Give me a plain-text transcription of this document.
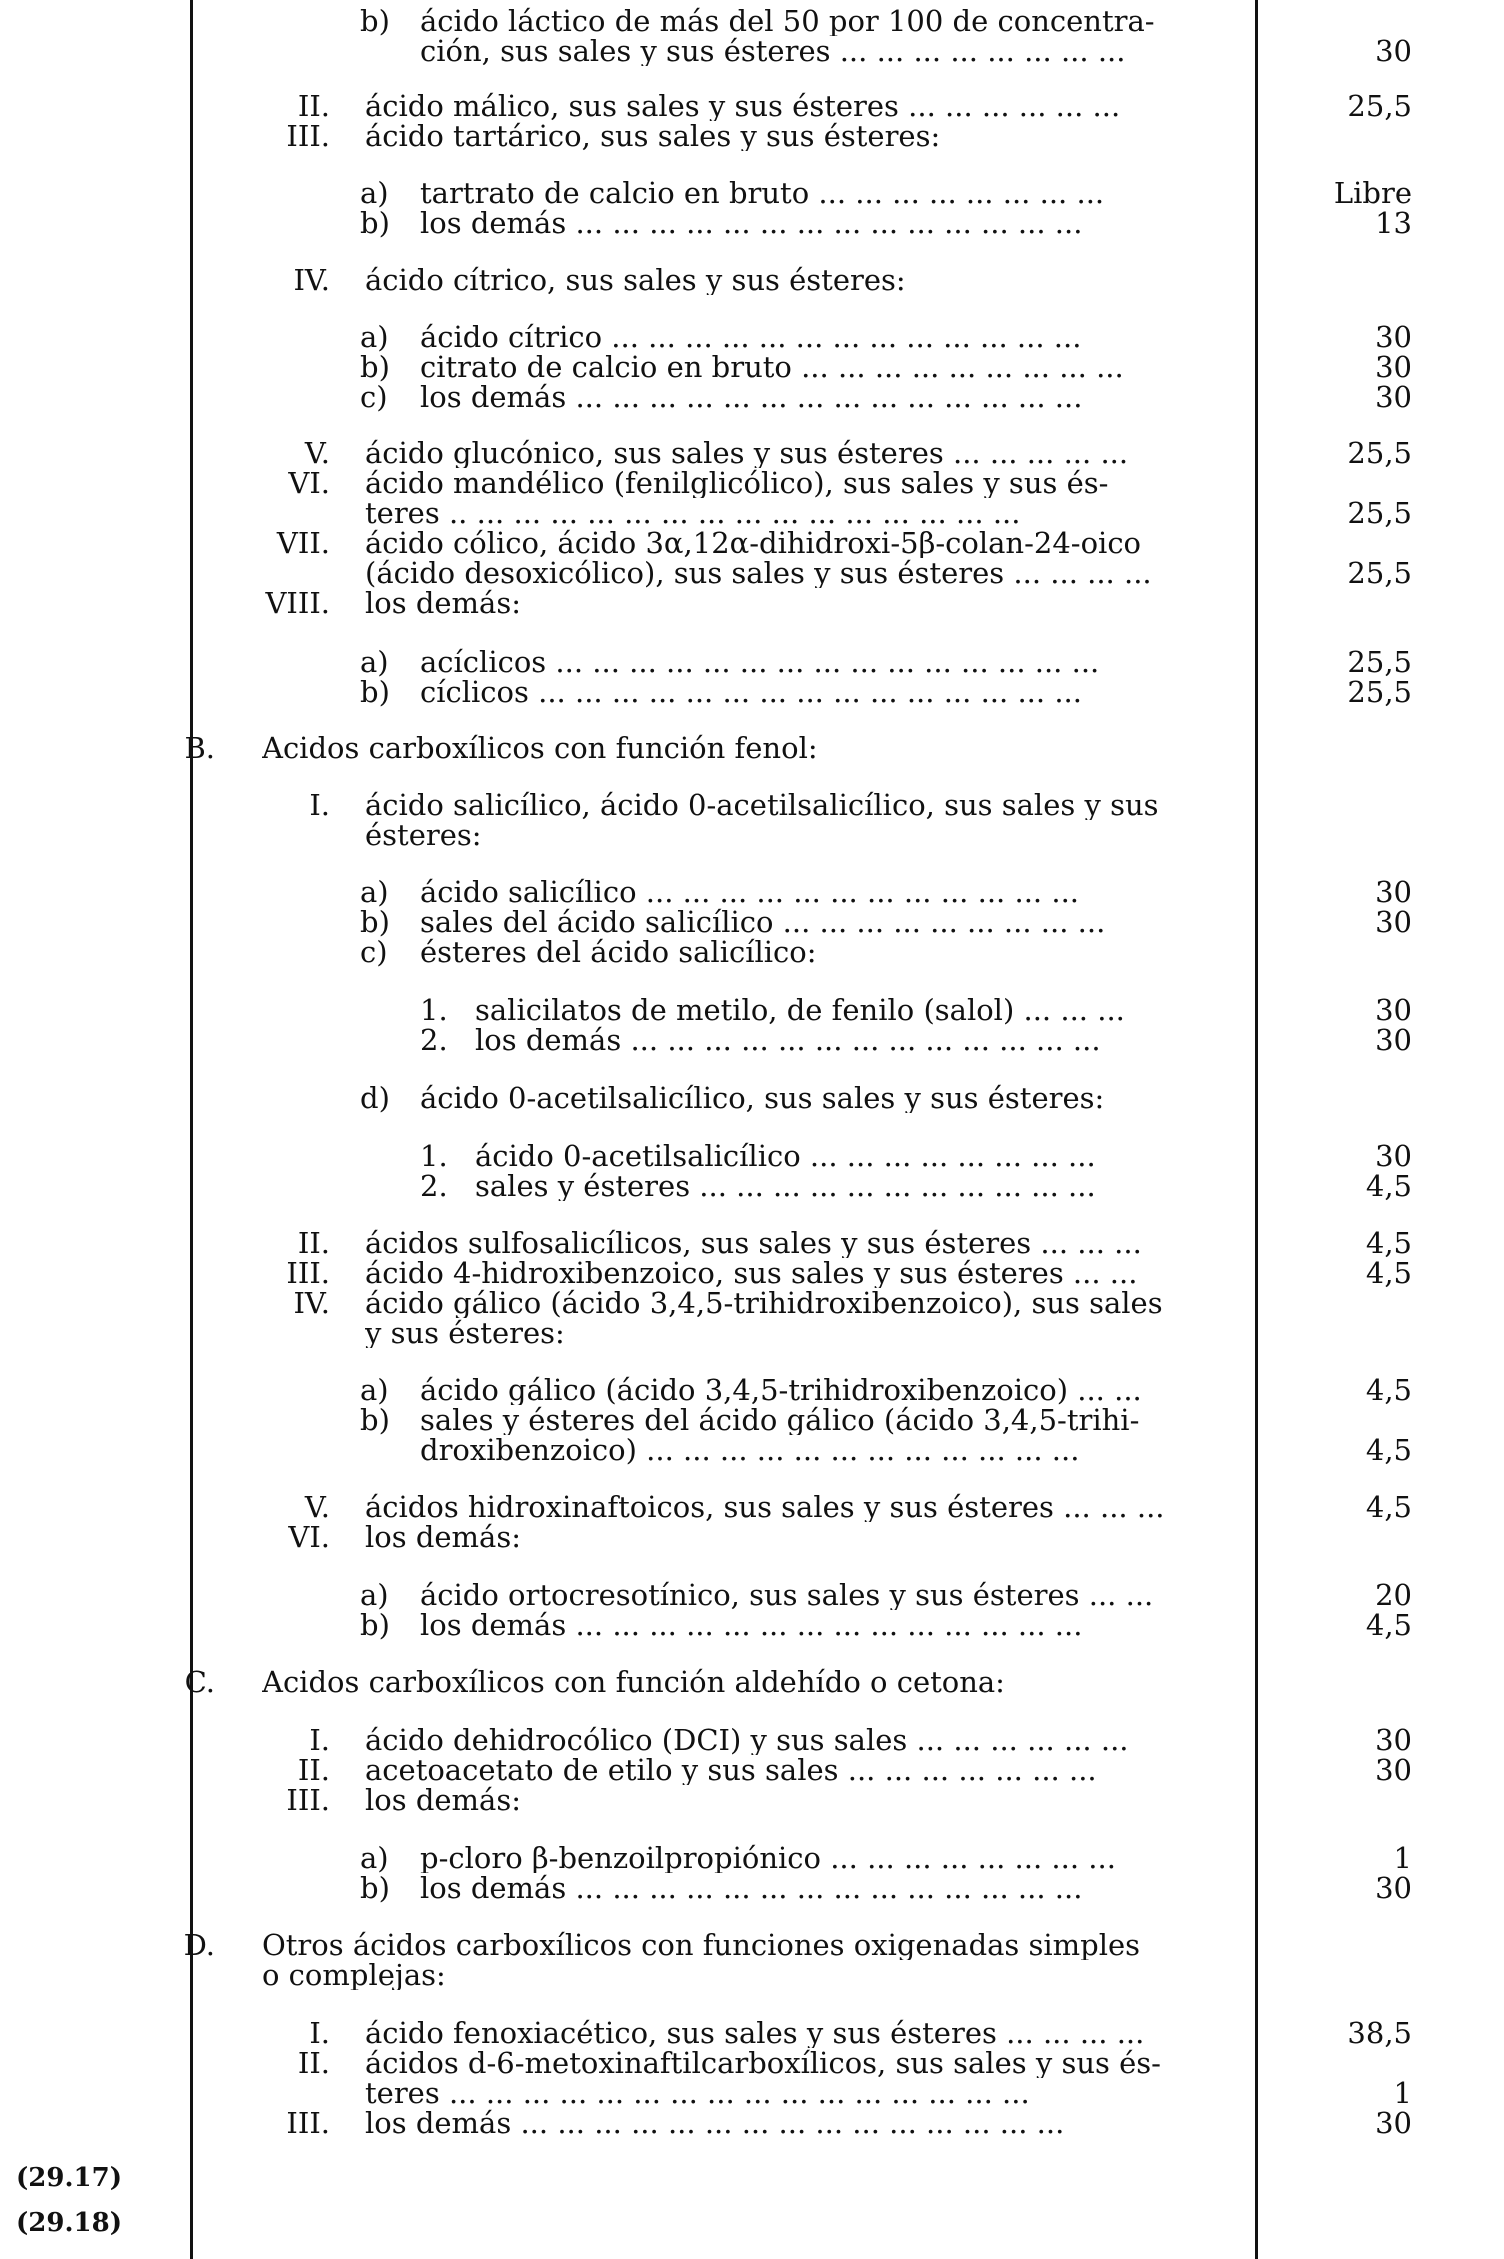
(29.17)
(29.18)
b) ácido láctico de más del 50 por 100 de concentra-
ción, sus sales y sus ésteres ... ... ... ... ... ... ... ...	30
II. ácido málico, sus sales y sus ésteres ... ... ... ... ... ...	25,5
III. ácido tartárico, sus sales y sus ésteres:
a) tartrato de calcio en bruto ... ... ... ... ... ... ... ...	Libre
b) los demás ... ... ... ... ... ... ... ... ... ... ... ... ... ...	13
IV. ácido cítrico, sus sales y sus ésteres:
a) ácido cítrico ... ... ... ... ... ... ... ... ... ... ... ... ...	30
b) citrato de calcio en bruto ... ... ... ... ... ... ... ... ...	30
c) los demás ... ... ... ... ... ... ... ... ... ... ... ... ... ...	30
V. ácido glucónico, sus sales y sus ésteres ... ... ... ... ...	25,5
VI. ácido mandélico (fenilglicólico), sus sales y sus és-
teres .. ... ... ... ... ... ... ... ... ... ... ... ... ... ... ...	25,5
VII. ácido cólico, ácido 3α,12α-dihidroxi-5β-colan-24-oico
(ácido desoxicólico), sus sales y sus ésteres ... ... ... ...	25,5
VIII. los demás:
a) acíclicos ... ... ... ... ... ... ... ... ... ... ... ... ... ... ...	25,5
b) cíclicos ... ... ... ... ... ... ... ... ... ... ... ... ... ... ...	25,5
B. Acidos carboxílicos con función fenol:
I. ácido salicílico, ácido 0-acetilsalicílico, sus sales y sus
ésteres:
a) ácido salicílico ... ... ... ... ... ... ... ... ... ... ... ...	30
b) sales del ácido salicílico ... ... ... ... ... ... ... ... ...	30
c) ésteres del ácido salicílico:
1. salicilatos de metilo, de fenilo (salol) ... ... ...	30
2. los demás ... ... ... ... ... ... ... ... ... ... ... ... ...	30
d) ácido 0-acetilsalicílico, sus sales y sus ésteres:
1. ácido 0-acetilsalicílico ... ... ... ... ... ... ... ...	30
2. sales y ésteres ... ... ... ... ... ... ... ... ... ... ...	4,5
II. ácidos sulfosalicílicos, sus sales y sus ésteres ... ... ...	4,5
III. ácido 4-hidroxibenzoico, sus sales y sus ésteres ... ...	4,5
IV. ácido gálico (ácido 3,4,5-trihidroxibenzoico), sus sales
y sus ésteres:
a) ácido gálico (ácido 3,4,5-trihidroxibenzoico) ... ...	4,5
b) sales y ésteres del ácido gálico (ácido 3,4,5-trihi-
droxibenzoico) ... ... ... ... ... ... ... ... ... ... ... ...	4,5
V. ácidos hidroxinaftoicos, sus sales y sus ésteres ... ... ...	4,5
VI. los demás:
a) ácido ortocresotínico, sus sales y sus ésteres ... ...	20
b) los demás ... ... ... ... ... ... ... ... ... ... ... ... ... ...	4,5
C. Acidos carboxílicos con función aldehído o cetona:
I. ácido dehidrocólico (DCI) y sus sales ... ... ... ... ... ...	30
II. acetoacetato de etilo y sus sales ... ... ... ... ... ... ...	30
III. los demás:
a) p-cloro β-benzoilpropiónico ... ... ... ... ... ... ... ...	1
b) los demás ... ... ... ... ... ... ... ... ... ... ... ... ... ...	30
D. Otros ácidos carboxílicos con funciones oxigenadas simples
o complejas:
I. ácido fenoxiacético, sus sales y sus ésteres ... ... ... ...	38,5
II. ácidos d-6-metoxinaftilcarboxílicos, sus sales y sus és-
teres ... ... ... ... ... ... ... ... ... ... ... ... ... ... ... ...	1
III. los demás ... ... ... ... ... ... ... ... ... ... ... ... ... ... ...	30
